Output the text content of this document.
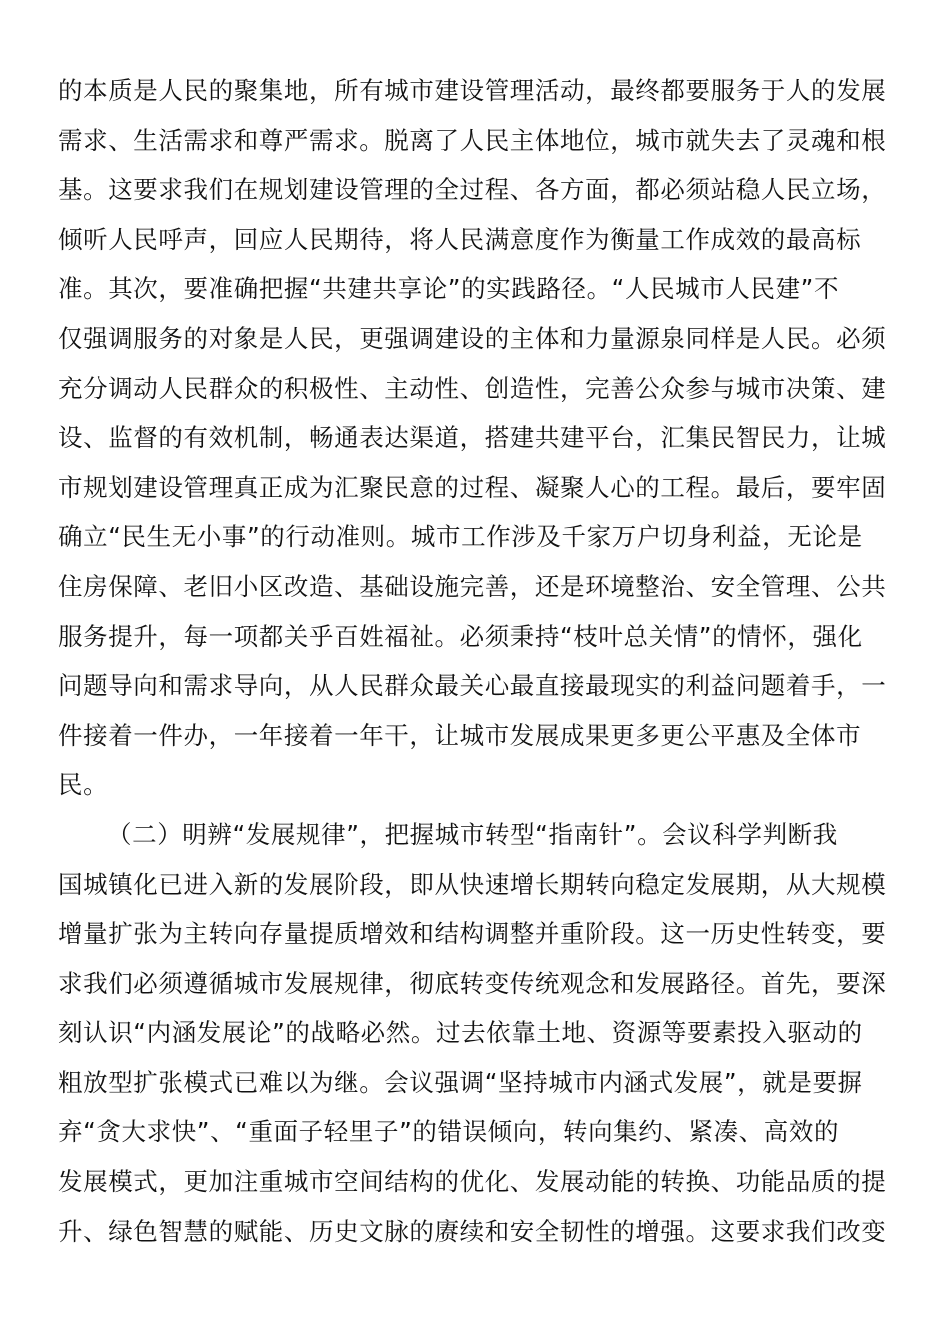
的本质是人民的聚集地，所有城市建设管理活动，最终都要服务于人的发展
需求、生活需求和尊严需求。脱离了人民主体地位，城市就失去了灵魂和根
基。这要求我们在规划建设管理的全过程、各方面，都必须站稳人民立场，
倾听人民呼声，回应人民期待，将人民满意度作为衡量工作成效的最高标
准。其次，要准确把握“共建共享论”的实践路径。“人民城市人民建”不
仅强调服务的对象是人民，更强调建设的主体和力量源泉同样是人民。必须
充分调动人民群众的积极性、主动性、创造性，完善公众参与城市决策、建
设、监督的有效机制，畅通表达渠道，搭建共建平台，汇集民智民力，让城
市规划建设管理真正成为汇聚民意的过程、凝聚人心的工程。最后，要牢固
确立“民生无小事”的行动准则。城市工作涉及千家万户切身利益，无论是
住房保障、老旧小区改造、基础设施完善，还是环境整治、安全管理、公共
服务提升，每一项都关乎百姓福祉。必须秉持“枝叶总关情”的情怀，强化
问题导向和需求导向，从人民群众最关心最直接最现实的利益问题着手，一
件接着一件办，一年接着一年干，让城市发展成果更多更公平惠及全体市
民。
（二）明辨“发展规律”，把握城市转型“指南针”。会议科学判断我
国城镇化已进入新的发展阶段，即从快速增长期转向稳定发展期，从大规模
增量扩张为主转向存量提质增效和结构调整并重阶段。这一历史性转变，要
求我们必须遵循城市发展规律，彻底转变传统观念和发展路径。首先，要深
刻认识“内涵发展论”的战略必然。过去依靠土地、资源等要素投入驱动的
粗放型扩张模式已难以为继。会议强调“坚持城市内涵式发展”，就是要摒
弃“贪大求快”、“重面子轻里子”的错误倾向，转向集约、紧凑、高效的
发展模式，更加注重城市空间结构的优化、发展动能的转换、功能品质的提
升、绿色智慧的赋能、历史文脉的赓续和安全韧性的增强。这要求我们改变
